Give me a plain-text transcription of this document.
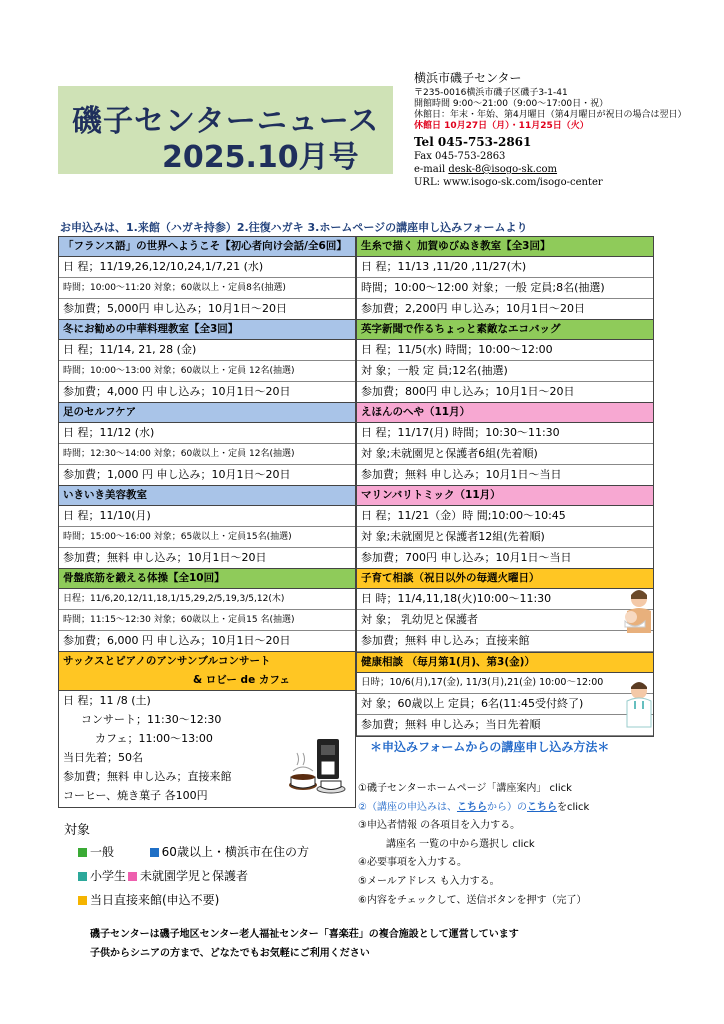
磯子センターニュース
2025.10月号
横浜市磯子センター
〒235-0016横浜市磯子区磯子3-1-41
開館時間 9:00～21:00（9:00～17:00日・祝）
休館日：年末・年始、第4月曜日（第4月曜日が祝日の場合は翌日）
休館日 10月27日（月）・11月25日（火）
Tel 045-753-2861
Fax 045-753-2863
e-mail desk-8@isogo-sk.com
URL: www.isogo-sk.com/isogo-center
お申込みは、1.来館（ハガキ持参）2.往復ハガキ 3.ホームページの講座申し込みフォームより
「フランス語」の世界へようこそ【初心者向け会話/全6回】
日 程；11/19,26,12/10,24,1/7,21 (水)
時間；10:00～11:20 対象；60歳以上・定員8名(抽選)
参加費；5,000円 申し込み；10月1日～20日
冬にお勧めの中華料理教室【全3回】
日 程；11/14, 21, 28 (金)
時間；10:00～13:00 対象；60歳以上・定員 12名(抽選)
参加費；4,000 円 申し込み；10月1日～20日
足のセルフケア
日 程；11/12 (水)
時間；12:30～14:00 対象；60歳以上・定員 12名(抽選)
参加費；1,000 円 申し込み；10月1日～20日
いきいき美容教室
日 程；11/10(月)
時間；15:00～16:00 対象；65歳以上・定員15名(抽選)
参加費；無料 申し込み；10月1日～20日
骨盤底筋を鍛える体操【全10回】
日程；11/6,20,12/11,18,1/15,29,2/5,19,3/5,12(木)
時間；11:15～12:30 対象；60歳以上・定員15 名(抽選)
参加費；6,000 円 申し込み；10月1日～20日
サックスとピアノのアンサンブルコンサート
& ロビー de カフェ
日 程；11 /8 (土)
コンサート；11:30～12:30
カフェ；11:00～13:00
当日先着；50名
参加費；無料 申し込み；直接来館
コーヒー、焼き菓子 各100円
生糸で描く 加賀ゆびぬき教室【全3回】
日 程；11/13 ,11/20 ,11/27(木)
時間；10:00～12:00 対象；一般 定員;8名(抽選)
参加費；2,200円 申し込み；10月1日～20日
英字新聞で作るちょっと素敵なエコバッグ
日 程；11/5(水) 時間；10:00～12:00
対 象；一般 定 員;12名(抽選)
参加費；800円 申し込み；10月1日～20日
えほんのへや（11月）
日 程；11/17(月) 時間；10:30～11:30
対 象;未就園児と保護者6組(先着順)
参加費；無料 申し込み；10月1日～当日
マリンバリトミック（11月）
日 程；11/21（金）時 間;10:00～10:45
対 象;未就園児と保護者12組(先着順)
参加費；700円 申し込み；10月1日～当日
子育て相談（祝日以外の毎週火曜日）
日 時；11/4,11,18(火)10:00～11:30
対 象； 乳幼児と保護者
参加費；無料 申し込み；直接来館
健康相談 （毎月第1(月)、第3(金)）
日時；10/6(月),17(金), 11/3(月),21(金) 10:00～12:00
対 象；60歳以上 定員；6名(11:45受付終了)
参加費；無料 申し込み；当日先着順
＊申込みフォームからの講座申し込み方法＊
①磯子センターホームページ「講座案内」 click
②（講座の申込みは、こちらから）のこちらをclick
③申込者情報 の各項目を入力する。
講座名 一覧の中から選択し click
④必要事項を入力する。
⑤メールアドレス も入力する。
⑥内容をチェックして、送信ボタンを押す（完了）
対象
一般	60歳以上・横浜市在住の方
小学生 未就園学児と保護者
当日直接来館(申込不要)
磯子センターは磯子地区センター老人福祉センター「喜楽荘」の複合施設として運営しています
子供からシニアの方まで、どなたでもお気軽にご利用ください
